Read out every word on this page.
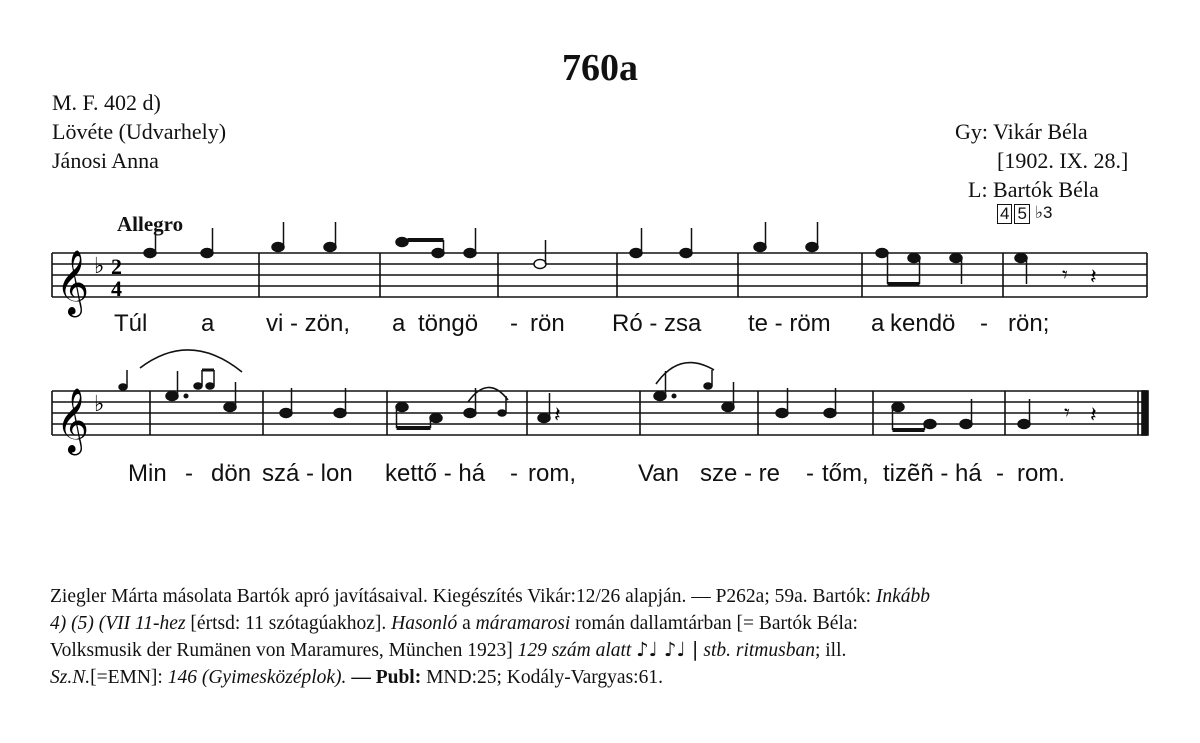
760a
M. F. 402 d)
Lövéte (Udvarhely)
Jánosi Anna
Gy: Vikár Béla
[1902. IX. 28.]
L: Bartók Béla
4 5 ♭3
Allegro
𝄞
𝄞
♭
♭
2
4
𝄾 𝄽
𝄽	𝄾 𝄽
Túl a vi - zön, a töngö - rön Ró - zsa te - röm a kendö - rön;
Min - dön szá - lon kettő - há - rom,	Van sze - re - tőm, tizẽñ - há - rom.

Ziegler Márta másolata Bartók apró javításaival. Kiegészítés Vikár:12/26 alapján. — P262a; 59a. Bartók: Inkább

4) (5) (VII 11-hez [értsd: 11 szótagúakhoz]. Hasonló a máramarosi román dallamtárban [= Bartók Béla:

Volksmusik der Rumänen von Maramures, München 1923] 129 szám alatt ♪♩ ♪♩ | stb. ritmusban; ill.

Sz.N.[=EMN]: 146 (Gyimesközéplok). — Publ: MND:25; Kodály-Vargyas:61.
